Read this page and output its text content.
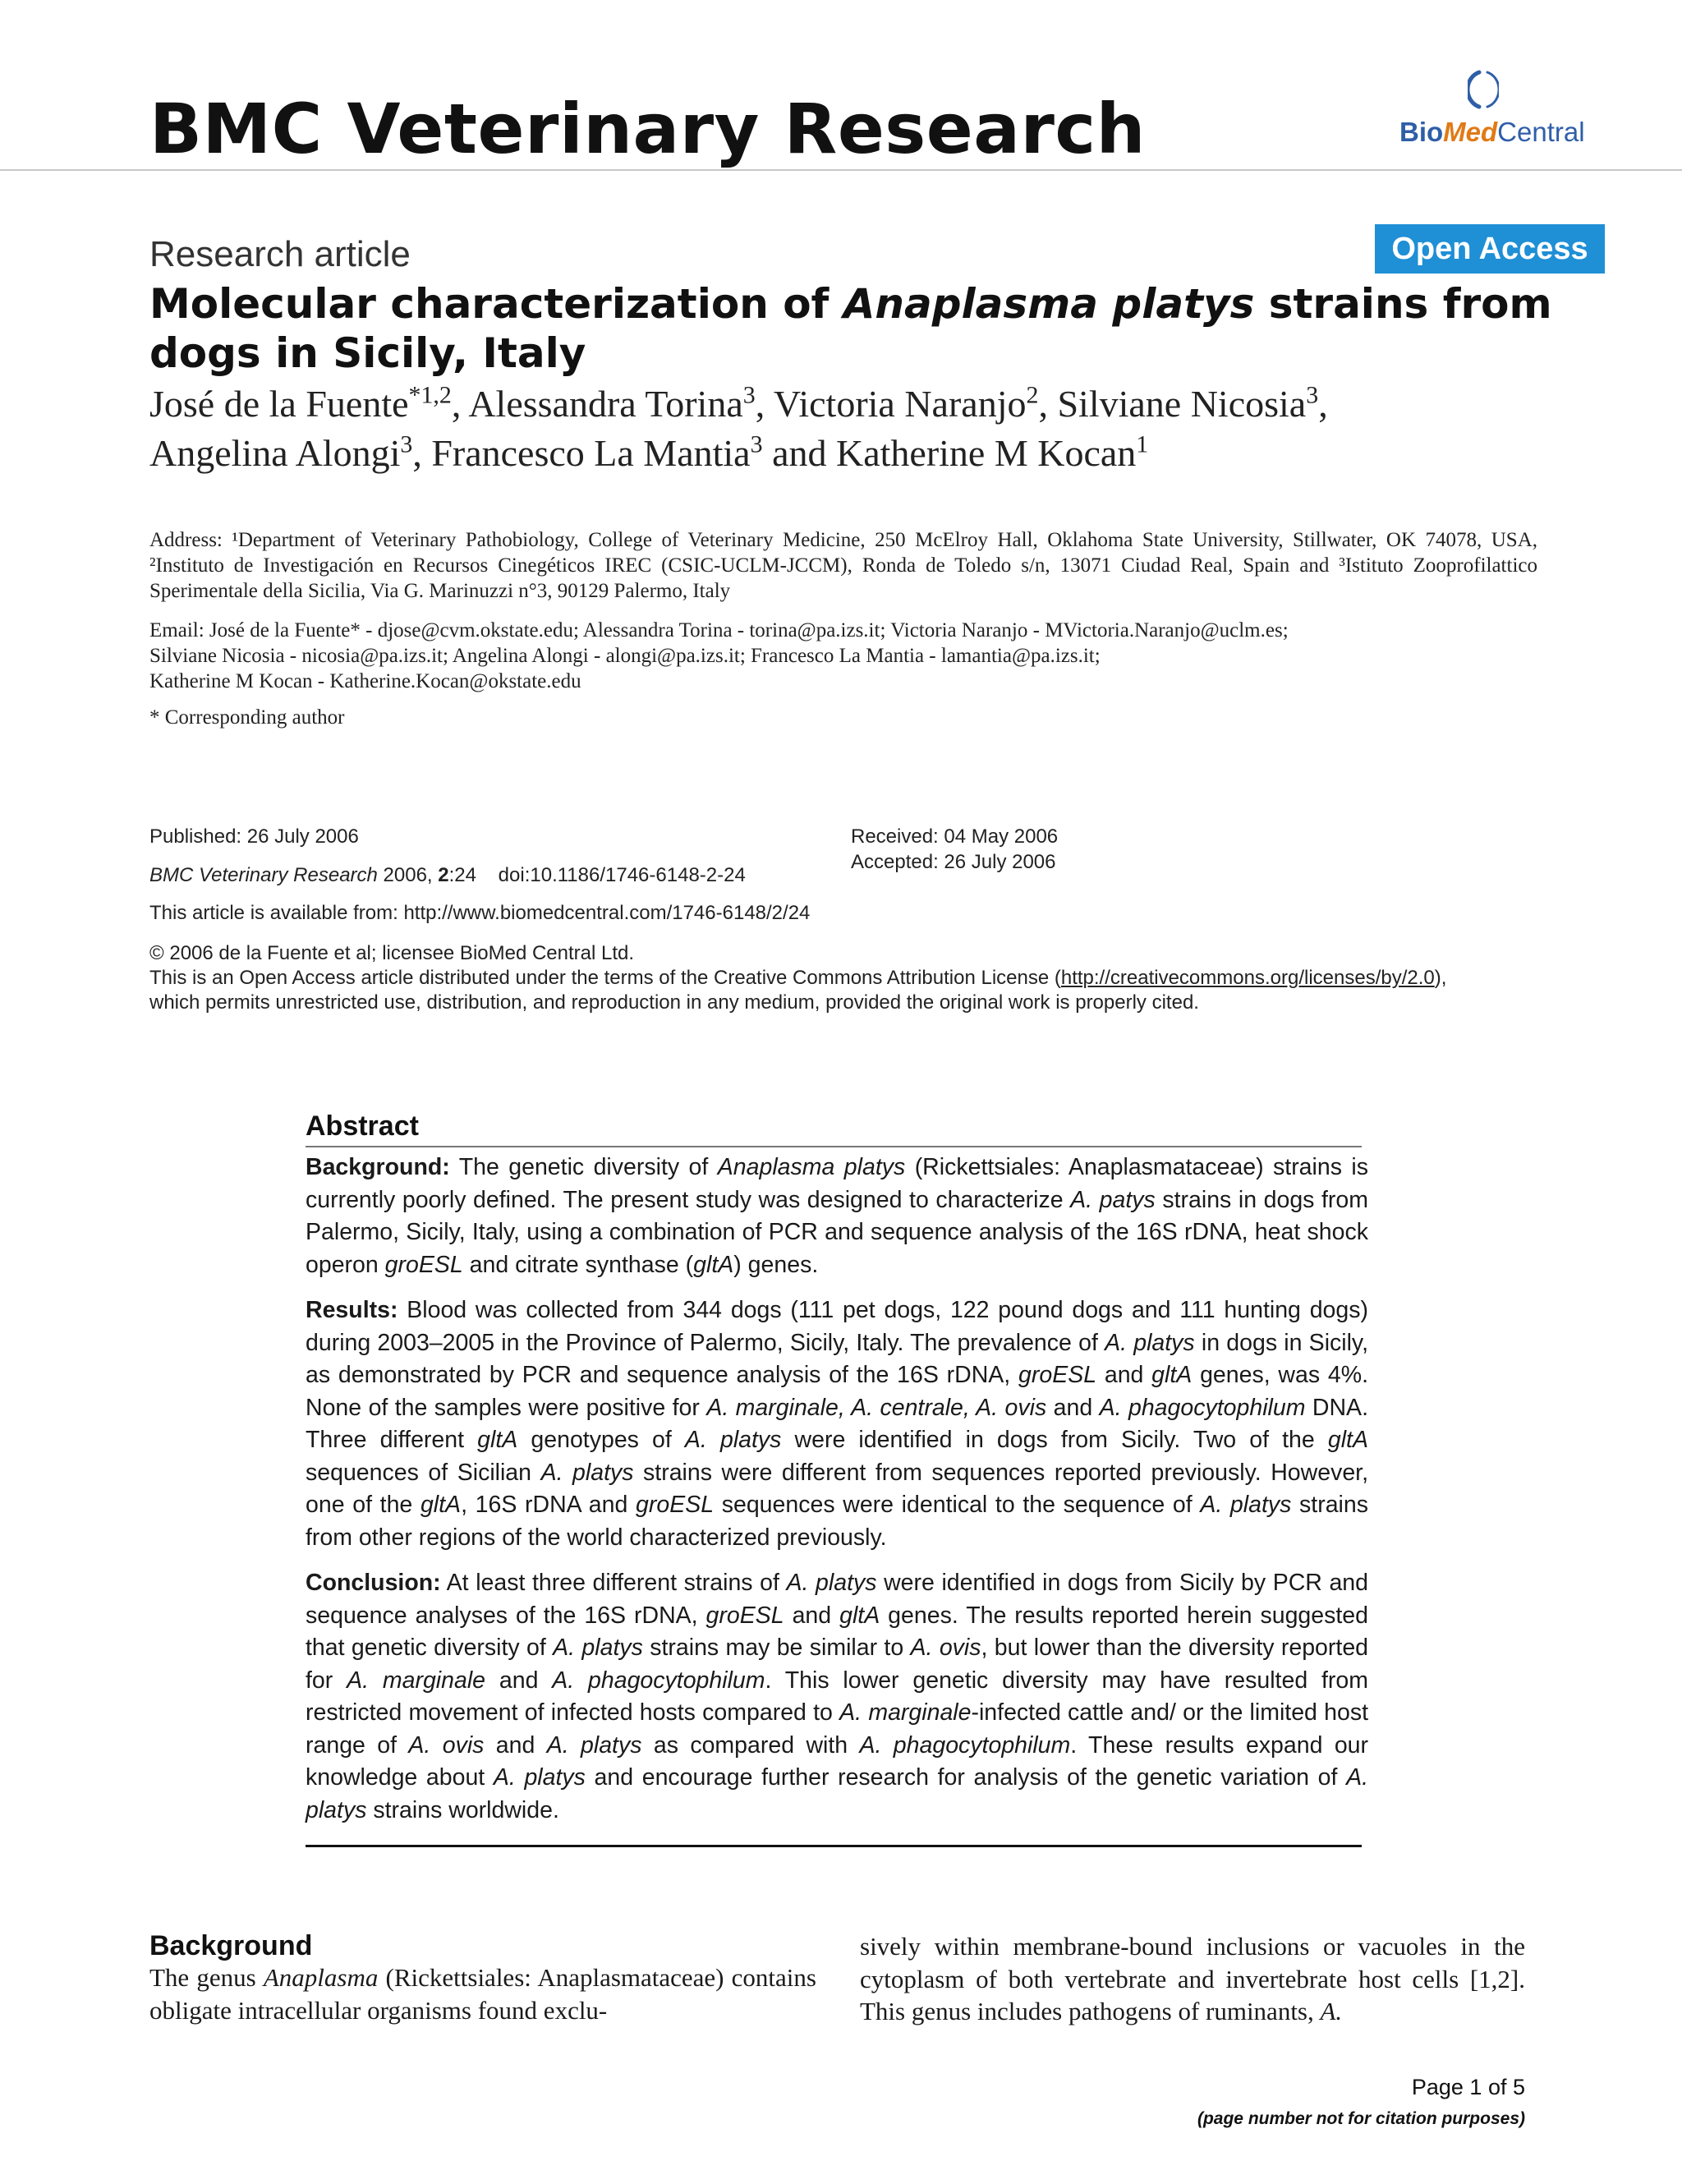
BMC Veterinary Research	BioMedCentral
Research article	Open Access
Molecular characterization of Anaplasma platys strains from dogs in Sicily, Italy
José de la Fuente$^{*1,2}$, Alessandra Torina$^3$, Victoria Naranjo$^2$, Silviane Nicosia$^3$,
Angelina Alongi$^3$, Francesco La Mantia$^3$ and Katherine M Kocan$^1$
Address: ¹Department of Veterinary Pathobiology, College of Veterinary Medicine, 250 McElroy Hall, Oklahoma State University, Stillwater, OK 74078, USA, ²Instituto de Investigación en Recursos Cinegéticos IREC (CSIC-UCLM-JCCM), Ronda de Toledo s/n, 13071 Ciudad Real, Spain and ³Istituto Zooprofilattico Sperimentale della Sicilia, Via G. Marinuzzi n°3, 90129 Palermo, Italy
Email: José de la Fuente* - djose@cvm.okstate.edu; Alessandra Torina - torina@pa.izs.it; Victoria Naranjo - MVictoria.Naranjo@uclm.es;
Silviane Nicosia - nicosia@pa.izs.it; Angelina Alongi - alongi@pa.izs.it; Francesco La Mantia - lamantia@pa.izs.it;
Katherine M Kocan - Katherine.Kocan@okstate.edu
* Corresponding author
Published: 26 July 2006
BMC Veterinary Research 2006, 2:24    doi:10.1186/1746-6148-2-24
This article is available from: http://www.biomedcentral.com/1746-6148/2/24
Received: 04 May 2006
Accepted: 26 July 2006
© 2006 de la Fuente et al; licensee BioMed Central Ltd.
This is an Open Access article distributed under the terms of the Creative Commons Attribution License (http://creativecommons.org/licenses/by/2.0),
which permits unrestricted use, distribution, and reproduction in any medium, provided the original work is properly cited.
Abstract
Background: The genetic diversity of Anaplasma platys (Rickettsiales: Anaplasmataceae) strains is currently poorly defined. The present study was designed to characterize A. patys strains in dogs from Palermo, Sicily, Italy, using a combination of PCR and sequence analysis of the 16S rDNA, heat shock operon groESL and citrate synthase (gltA) genes.
Results: Blood was collected from 344 dogs (111 pet dogs, 122 pound dogs and 111 hunting dogs) during 2003–2005 in the Province of Palermo, Sicily, Italy. The prevalence of A. platys in dogs in Sicily, as demonstrated by PCR and sequence analysis of the 16S rDNA, groESL and gltA genes, was 4%. None of the samples were positive for A. marginale, A. centrale, A. ovis and A. phagocytophilum DNA. Three different gltA genotypes of A. platys were identified in dogs from Sicily. Two of the gltA sequences of Sicilian A. platys strains were different from sequences reported previously. However, one of the gltA, 16S rDNA and groESL sequences were identical to the sequence of A. platys strains from other regions of the world characterized previously.
Conclusion: At least three different strains of A. platys were identified in dogs from Sicily by PCR and sequence analyses of the 16S rDNA, groESL and gltA genes. The results reported herein suggested that genetic diversity of A. platys strains may be similar to A. ovis, but lower than the diversity reported for A. marginale and A. phagocytophilum. This lower genetic diversity may have resulted from restricted movement of infected hosts compared to A. marginale-infected cattle and/ or the limited host range of A. ovis and A. platys as compared with A. phagocytophilum. These results expand our knowledge about A. platys and encourage further research for analysis of the genetic variation of A. platys strains worldwide.
Background
The genus Anaplasma (Rickettsiales: Anaplasmataceae) contains obligate intracellular organisms found exclu-
sively within membrane-bound inclusions or vacuoles in the cytoplasm of both vertebrate and invertebrate host cells [1,2]. This genus includes pathogens of ruminants, A.
Page 1 of 5
(page number not for citation purposes)
